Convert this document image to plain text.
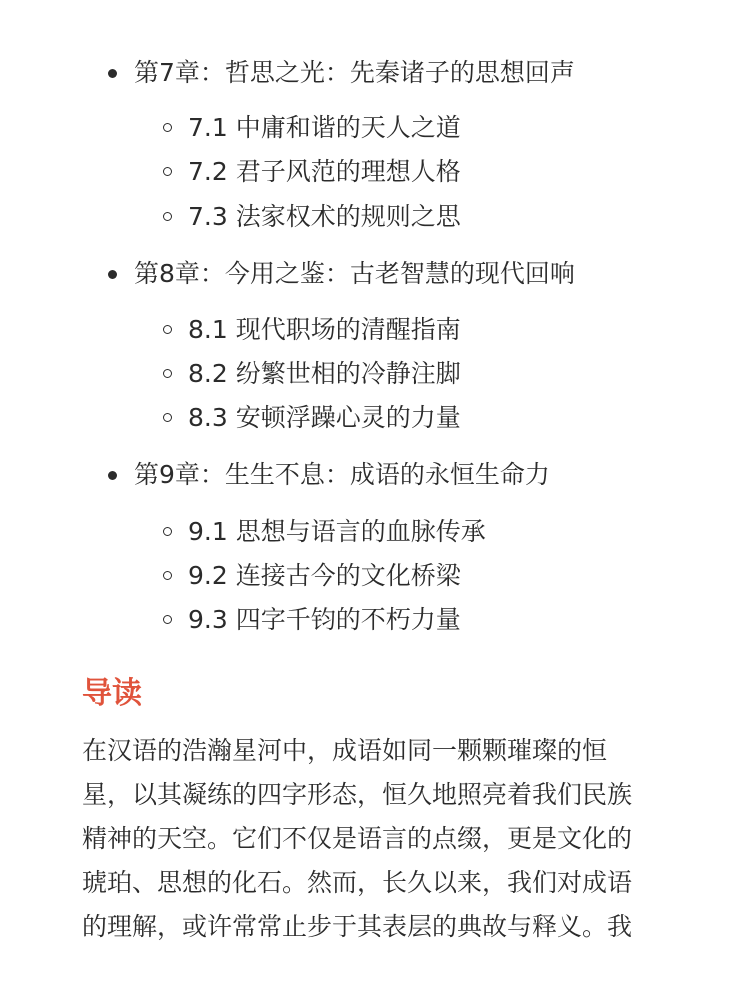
第7章：哲思之光：先秦诸子的思想回声
7.1 中庸和谐的天人之道
7.2 君子风范的理想人格
7.3 法家权术的规则之思
第8章：今用之鉴：古老智慧的现代回响
8.1 现代职场的清醒指南
8.2 纷繁世相的冷静注脚
8.3 安顿浮躁心灵的力量
第9章：生生不息：成语的永恒生命力
9.1 思想与语言的血脉传承
9.2 连接古今的文化桥梁
9.3 四字千钧的不朽力量
导读
在汉语的浩瀚星河中，成语如同一颗颗璀璨的恒
星，以其凝练的四字形态，恒久地照亮着我们民族
精神的天空。它们不仅是语言的点缀，更是文化的
琥珀、思想的化石。然而，长久以来，我们对成语
的理解，或许常常止步于其表层的典故与释义。我
